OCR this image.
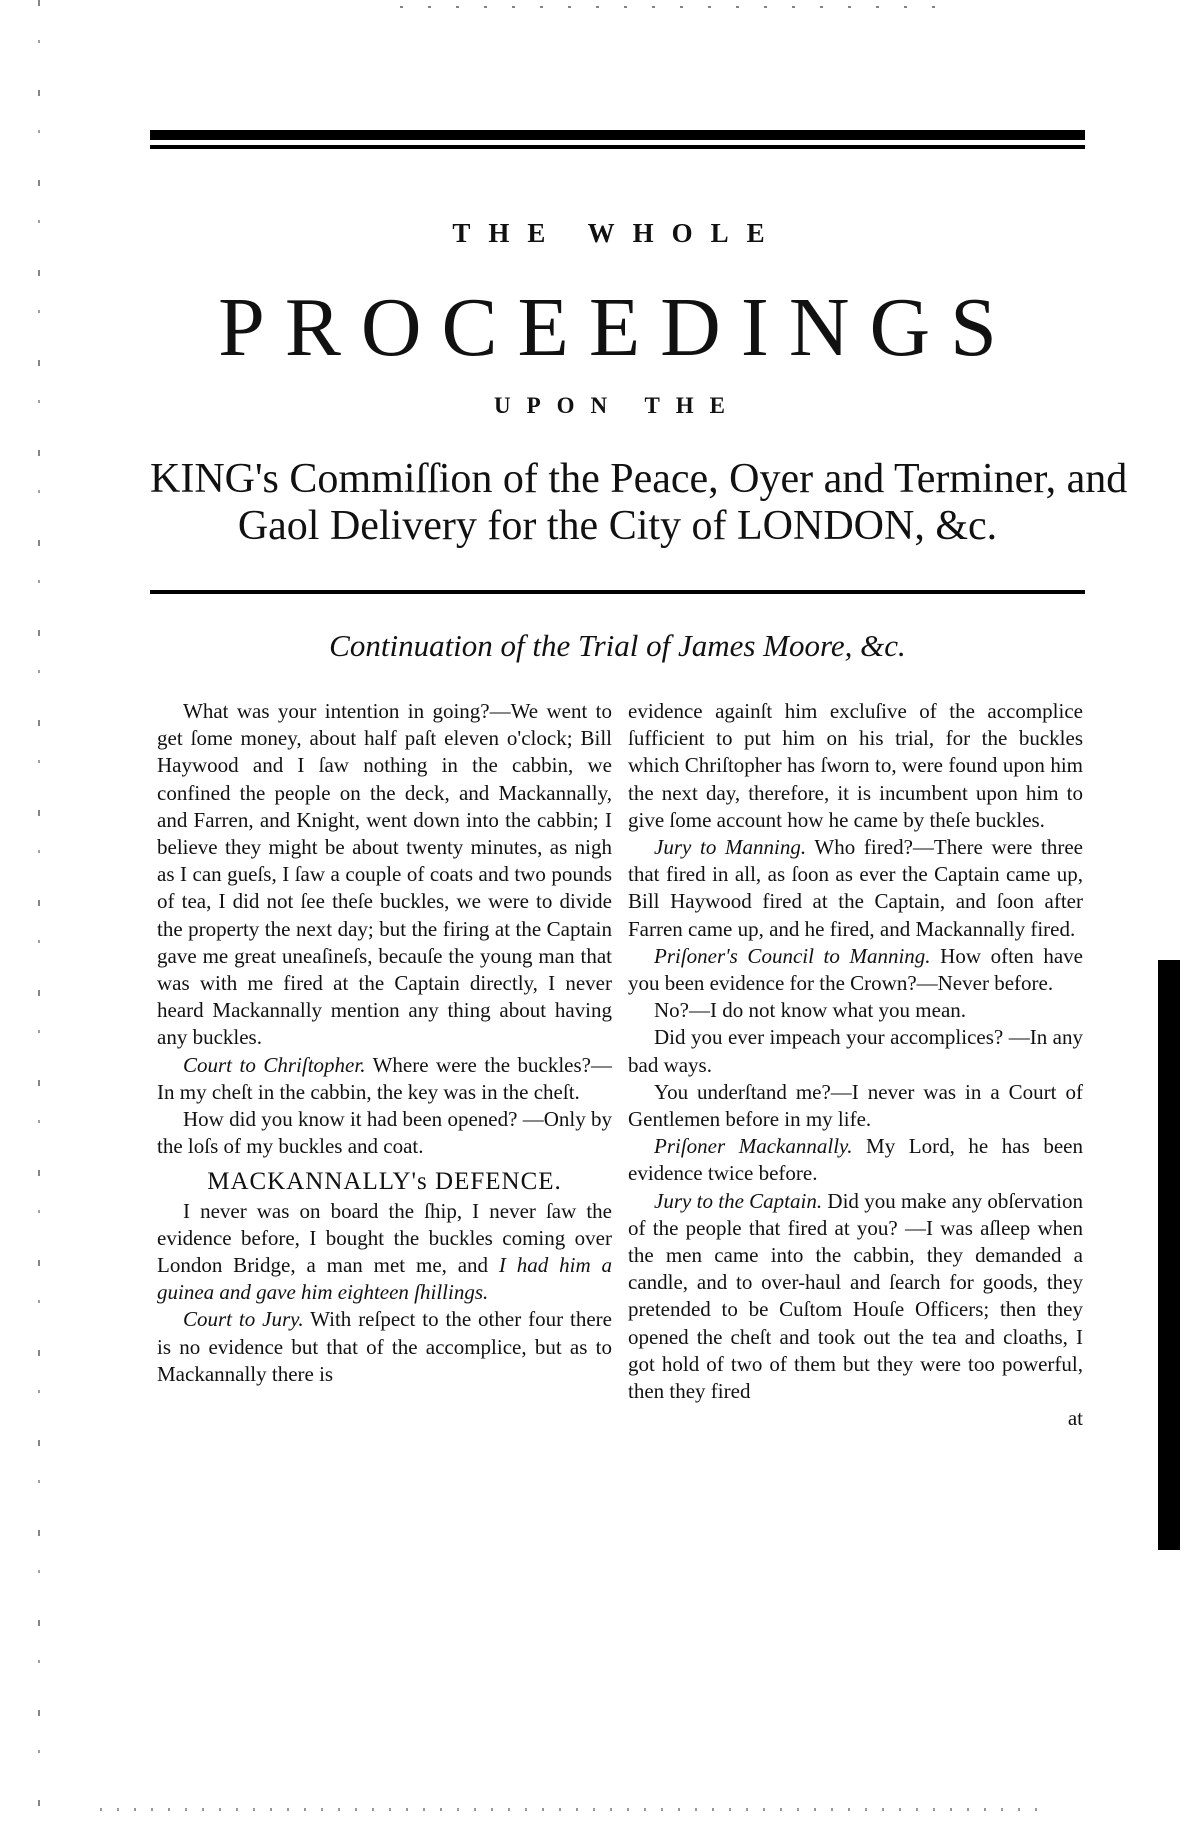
THE WHOLE
PROCEEDINGS
UPON THE
KING's Commiſſion of the Peace, Oyer and Terminer, and
Gaol Delivery for the City of LONDON, &c.
Continuation of the Trial of James Moore, &c.

What was your intention in going?—We went to get ſome money, about half paſt eleven o'clock; Bill Haywood and I ſaw nothing in the cabbin, we confined the people on the deck, and Mackannally, and Farren, and Knight, went down into the cabbin; I believe they might be about twenty minutes, as nigh as I can gueſs, I ſaw a couple of coats and two pounds of tea, I did not ſee theſe buckles, we were to divide the property the next day; but the firing at the Captain gave me great uneaſineſs, becauſe the young man that was with me fired at the Captain directly, I never heard Mackannally mention any thing about having any buckles.

Court to Chriſtopher. Where were the buckles?—In my cheſt in the cabbin, the key was in the cheſt.

How did you know it had been opened? —Only by the loſs of my buckles and coat.

MACKANNALLY's DEFENCE.

I never was on board the ſhip, I never ſaw the evidence before, I bought the buckles coming over London Bridge, a man met me, and I had him a guinea and gave him eighteen ſhillings.

Court to Jury. With reſpect to the other four there is no evidence but that of the accomplice, but as to Mackannally there is

evidence againſt him excluſive of the accomplice ſufficient to put him on his trial, for the buckles which Chriſtopher has ſworn to, were found upon him the next day, therefore, it is incumbent upon him to give ſome account how he came by theſe buckles.

Jury to Manning. Who fired?—There were three that fired in all, as ſoon as ever the Captain came up, Bill Haywood fired at the Captain, and ſoon after Farren came up, and he fired, and Mackannally fired.

Priſoner's Council to Manning. How often have you been evidence for the Crown?—Never before.

No?—I do not know what you mean.

Did you ever impeach your accomplices? —In any bad ways.

You underſtand me?—I never was in a Court of Gentlemen before in my life.

Priſoner Mackannally. My Lord, he has been evidence twice before.

Jury to the Captain. Did you make any obſervation of the people that fired at you? —I was aſleep when the men came into the cabbin, they demanded a candle, and to over-haul and ſearch for goods, they pretended to be Cuſtom Houſe Officers; then they opened the cheſt and took out the tea and cloaths, I got hold of two of them but they were too powerful, then they fired

at
